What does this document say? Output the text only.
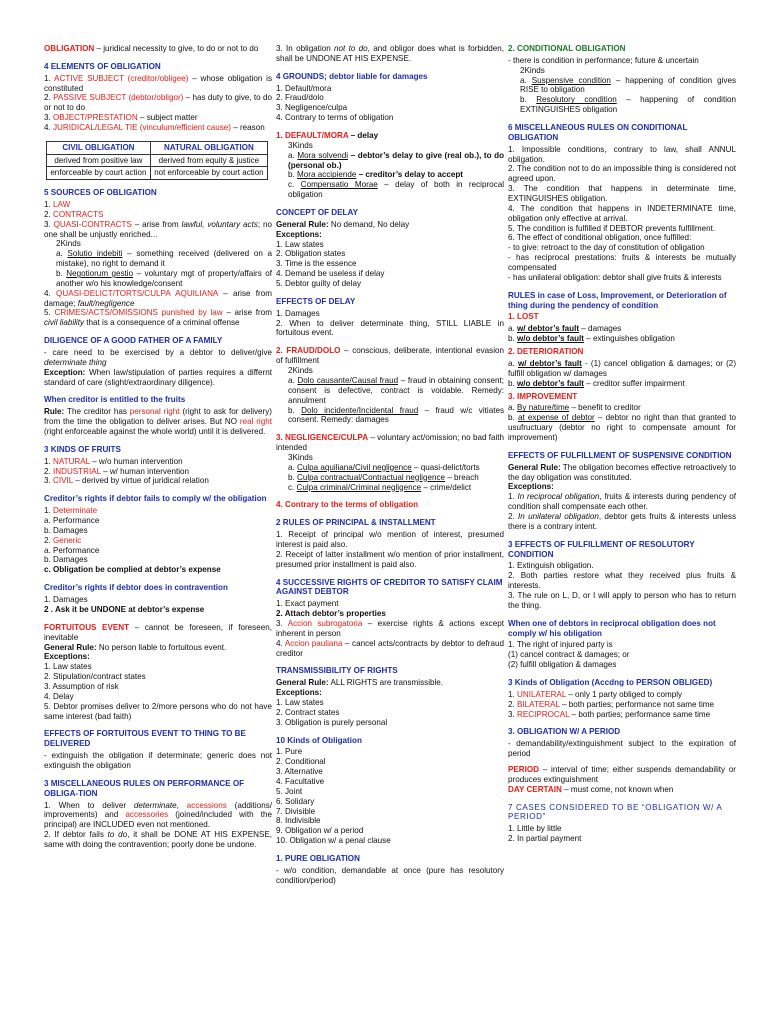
OBLIGATION – juridical necessity to give, to do or not to do
4 ELEMENTS OF OBLIGATION
1. ACTIVE SUBJECT (creditor/obligee) – whose obligation is constituted
2. PASSIVE SUBJECT (debtor/obligor) – has duty to give, to do or not to do
3. OBJECT/PRESTATION – subject matter
4. JURIDICAL/LEGAL TIE (vinculum/efficient cause) – reason
CIVIL OBLIGATION	NATURAL OBLIGATION
derived from positive law	derived from equity & justice
enforceable by court action	not enforceable by court action
5 SOURCES OF OBLIGATION
1. LAW
2. CONTRACTS
3. QUASI-CONTRACTS – arise from lawful, voluntary acts; no one shall be unjustly enriched...
2Kinds
a. Solutio indebiti – something received (delivered on a mistake), no right to demand it
b. Negotiorum gestio – voluntary mgt of property/affairs of another w/o his knowledge/consent
4. QUASI-DELICT/TORTS/CULPA AQUILIANA – arise from damage; fault/negligence
5. CRIMES/ACTS/OMISSIONS punished by law – arise from civil liability that is a consequence of a criminal offense
DILIGENCE OF A GOOD FATHER OF A FAMILY
- care need to be exercised by a debtor to deliver/give determinate thing
Exception: When law/stipulation of parties requires a differnt standard of care (slight/extraordinary diligence).
When creditor is entitled to the fruits
Rule: The creditor has personal right (right to ask for delivery) from the time the obligation to deliver arises. But NO real right (right enforceable against the whole world) until it is delivered.
3 KINDS OF FRUITS
1. NATURAL – w/o human intervention
2. INDUSTRIAL – w/ human intervention
3. CIVIL – derived by virtue of juridical relation
Creditor’s rights if debtor fails to comply w/ the obligation
1. Determinate
a. Performance
b. Damages
2. Generic
a. Performance
b. Damages
c. Obligation be complied at debtor’s expense
Creditor’s rights if debtor does in contravention
1. Damages
2 . Ask it be UNDONE at debtor’s expense
FORTUITOUS EVENT – cannot be foreseen, if foreseen, inevitable
General Rule: No person liable to fortuitous event.
Exceptions:
1. Law states
2. Stipulation/contract states
3. Assumption of risk
4. Delay
5. Debtor promises deliver to 2/more persons who do not have same interest (bad faith)
EFFECTS OF FORTUITOUS EVENT TO THING TO BE DELIVERED
- extinguish the obligation if determinate; generic does not extinguish the obligation
3 MISCELLANEOUS RULES ON PERFORMANCE OF OBLIGA-TION
1. When to deliver determinate, accessions (additions/ improvements) and accessories (joined/included with the principal) are INCLUDED even not mentioned.
2. If debtor fails to do, it shall be DONE AT HIS EXPENSE, same with doing the contravention; poorly done be undone.
3. In obligation not to do, and obligor does what is forbidden, shall be UNDONE AT HIS EXPENSE.
4 GROUNDS; debtor liable for damages
1. Default/mora
2. Fraud/dolo
3. Negligence/culpa
4. Contrary to terms of obligation
1. DEFAULT/MORA – delay
3Kinds
a. Mora solvendi – debtor’s delay to give (real ob.), to do (personal ob.)
b. Mora accipiende – creditor’s delay to accept
c. Compensatio Morae – delay of both in reciprocal obligation
CONCEPT OF DELAY
General Rule: No demand, No delay
Exceptions:
1. Law states
2. Obligation states
3. Time is the essence
4. Demand be useless if delay
5. Debtor guilty of delay
EFFECTS OF DELAY
1. Damages
2. When to deliver determinate thing, STILL LIABLE in fortuitous event.
2. FRAUD/DOLO – conscious, deliberate, intentional evasion of fulfillment
2Kinds
a. Dolo causante/Causal fraud – fraud in obtaining consent; consent is defective, contract is voidable. Remedy: annulment
b. Dolo incidente/Incidental fraud – fraud w/c vitiates consent. Remedy: damages
3. NEGLIGENCE/CULPA – voluntary act/omission; no bad faith intended
3Kinds
a. Culpa aquiliana/Civil negligence – quasi-delict/torts
b. Culpa contractual/Contractual negligence – breach
c. Culpa criminal/Criminal negligence – crime/delict
4. Contrary to the terms of obligation
2 RULES OF PRINCIPAL & INSTALLMENT
1. Receipt of principal w/o mention of interest, presumed interest is paid also.
2. Receipt of latter installment w/o mention of prior installment, presumed prior installment is paid also.
4 SUCCESSIVE RIGHTS OF CREDITOR TO SATISFY CLAIM AGAINST DEBTOR
1. Exact payment
2. Attach debtor’s properties
3. Accion subrogatoria – exercise rights & actions except inherent in person
4. Accion pauliana – cancel acts/contracts by debtor to defraud creditor
TRANSMISSIBILITY OF RIGHTS
General Rule: ALL RIGHTS are transmissible.
Exceptions:
1. Law states
2. Contract states
3. Obligation is purely personal
10 Kinds of Obligation
1. Pure
2. Conditional
3. Alternative
4. Facultative
5. Joint
6. Solidary
7. Divisible
8. Indivisible
9. Obligation w/ a period
10. Obligation w/ a penal clause
1. PURE OBLIGATION
- w/o condition, demandable at once (pure has resolutory condition/period)
2. CONDITIONAL OBLIGATION
- there is condition in performance; future & uncertain
2Kinds
a. Suspensive condition – happening of condition gives RISE to obligation
b. Resolutory condition – happening of condition EXTINGUISHES obligation
6 MISCELLANEOUS RULES ON CONDITIONAL OBLIGATION
1. Impossible conditions, contrary to law, shall ANNUL obligation.
2. The condition not to do an impossible thing is considered not agreed upon.
3. The condition that happens in determinate time, EXTINGUISHES obligation.
4. The condition that happens in INDETERMINATE time, obligation only effective at arrival.
5. The condition is fulfilled if DEBTOR prevents fulfillment.
6. The effect of conditional obligation, once fulfilled:
- to give: retroact to the day of constitution of obligation
- has reciprocal prestations: fruits & interests be mutually compensated
- has unilateral obligation: debtor shall give fruits & interests
RULES in case of Loss, Improvement, or Deterioration of thing during the pendency of condition
1. LOST
a. w/ debtor’s fault – damages
b. w/o debtor’s fault – extinguishes obligation
2. DETERIORATION
a. w/ debtor’s fault - (1) cancel obligation & damages; or (2) fulfill obligation w/ damages
b. w/o debtor’s fault – creditor suffer impairment
3. IMPROVEMENT
a. By nature/time – benefit to creditor
b. at expense of debtor – debtor no right than that granted to usufructuary (debtor no right to compensate amount for improvement)
EFFECTS OF FULFILLMENT OF SUSPENSIVE CONDITION
General Rule: The obligation becomes effective retroactively to the day obligation was constituted.
Exceptions:
1. In reciprocal obligation, fruits & interests during pendency of condition shall compensate each other.
2. In unilateral obligation, debtor gets fruits & interests unless there is a contrary intent.
3 EFFECTS OF FULFILLMENT OF RESOLUTORY CONDITION
1. Extinguish obligation.
2. Both parties restore what they received plus fruits & interests.
3. The rule on L, D, or I will apply to person who has to return the thing.
When one of debtors in reciprocal obligation does not comply w/ his obligation
1. The right of injured party is
(1) cancel contract & damages; or
(2) fulfill obligation & damages
3 Kinds of Obligation (Accdng to PERSON OBLIGED)
1. UNILATERAL – only 1 party obliged to comply
2. BILATERAL – both parties; performance not same time
3. RECIPROCAL – both parties; performance same time
3. OBLIGATION W/ A PERIOD
- demandability/extinguishment subject to the expiration of period
PERIOD – interval of time; either suspends demandability or produces extinguishment
DAY CERTAIN – must come, not known when
7 CASES CONSIDERED TO BE “OBLIGATION W/ A PERIOD”
1. Little by little
2. In partial payment
